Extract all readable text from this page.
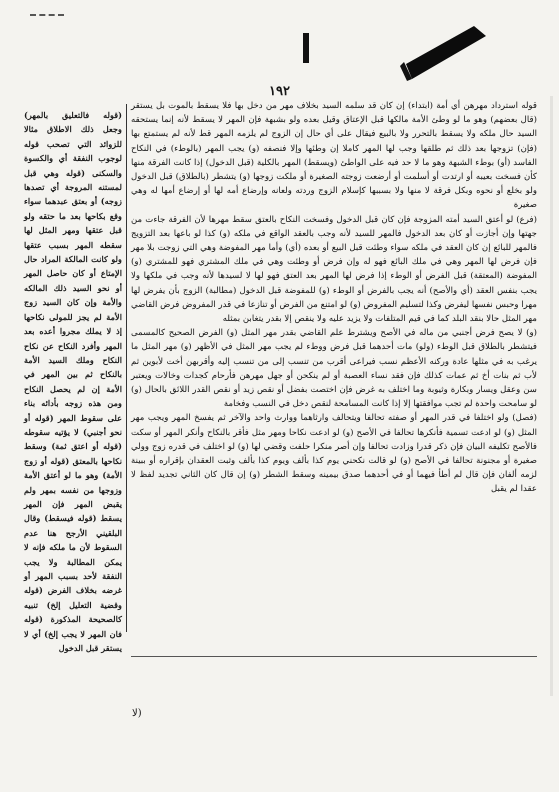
١٩٢
(قوله فالتعليق بالمهر) وجعل ذلك الاطلاق مثالا للزوائد التي تصحب قوله لوجوب النفقة أي والكسوة والسكنى (قوله وهي قبل لمستنه المروجة أي تصدها زوجه) أو بعتق عبدهما سواء وقع بكاحها بعد ما حتقه ولو قبل عتقها ومهر المثل لها سقطه المهر بسبب عتقها ولو كانت المالكة المراد حال الإمتاع أو كان حاصل المهر أو نحو السيد ذلك المالكه والأمة وإن كان السيد زوج الأمة لم يجز للمولى نكاحها إذ لا يملك مجروا أعده بعد المهر وأفرد النكاح عن نكاح النكاح وملك السيد الأمة بالنكاح ثم بين المهر في الأمة إن لم يحصل النكاح ومن هذه زوجه بأدائه بناء على سقوط المهر (قوله أو نحو أجنبي) لا يؤتيه سقوطه (قوله أو اعتق ثمة) وسقط نكاحها بالمعتق (قوله أو زوج الأمة) وهو ما لو أعتق الأمة وزوجها من نفسه بمهر ولم يقبض المهر فإن المهر يسقط (قوله فيسقط) وقال البلقيني الأرجح هنا عدم السقوط لأن ما ملكه فإنه لا يمكن المطالبة ولا يجب النفقة لأحد بسبب المهر أو غرضه بخلاف الفرض (قوله وقضية التعليل إلخ) تنبيه كالصحيحة المذكورة (قوله فان المهر لا يجب إلخ) أي لا يستقر قبل الدخول

قوله استرداد مهرهن أي أمة (ابتداء) إن كان قد سلمه السيد بخلاف مهر من دخل بها فلا يسقط بالموت بل يستقر (قال بعضهم) وهو ما لو وطئ الأمة مالكها قبل الإعتاق وقيل بعده ولو بشبهة فإن المهر لا يسقط لأنه إنما يستحقه السيد حال ملكه ولا يسقط بالتحرر ولا بالبيع فيقال على أي حال إن الزوج لم يلزمه المهر قط لأنه لم يستمتع بها (فإن) تزوجها بعد ذلك ثم طلقها وجب لها المهر كاملا إن وطئها وإلا فنصفه (و) يجب المهر (بالوطء) في النكاح الفاسد (أو) بوطء الشبهة وهو ما لا حد فيه على الواطئ (ويسقط) المهر بالكلية (قبل الدخول) إذا كانت الفرقة منها كأن فسخت بعيبه أو ارتدت أو أسلمت أو أرضعت زوجته الصغيرة أو ملكت زوجها (و) يتشطر (بالطلاق) قبل الدخول ولو بخلع أو نحوه وبكل فرقة لا منها ولا بسببها كإسلام الزوج وردته ولعانه وإرضاع أمه لها أو إرضاع أمها له وهي صغيرة

(فرع) لو أعتق السيد أمته المزوجة فإن كان قبل الدخول وفسخت النكاح بالعتق سقط مهرها لأن الفرقة جاءت من جهتها وإن أجازت أو كان بعد الدخول فالمهر للسيد لأنه وجب بالعقد الواقع في ملكه (و) كذا لو باعها بعد التزويج فالمهر للبائع إن كان العقد في ملكه سواء وطئت قبل البيع أو بعده (أي) وأما مهر المفوضة وهي التي زوجت بلا مهر فإن فرض لها المهر وهي في ملك البائع فهو له وإن فرض أو وطئت وهي في ملك المشتري فهو للمشتري (و) المفوضة (المعتقة) قبل الفرض أو الوطء إذا فرض لها المهر بعد العتق فهو لها لا لسيدها لأنه وجب في ملكها ولا يجب بنفس العقد (أي والأصح) أنه يجب بالفرض أو الوطء (و) للمفوضة قبل الدخول (مطالبة) الزوج بأن يفرض لها مهرا وحبس نفسها ليفرض وكذا لتسليم المفروض (و) لو امتنع من الفرض أو تنازعا في قدر المفروض فرض القاضي مهر المثل حالا بنقد البلد كما في قيم المتلفات ولا يزيد عليه ولا ينقص إلا بقدر يتغابن بمثله

(و) لا يصح فرض أجنبي من ماله في الأصح ويشترط علم القاضي بقدر مهر المثل (و) الفرض الصحيح كالمسمى فيتشطر بالطلاق قبل الوطء (ولو) مات أحدهما قبل فرض ووطء لم يجب مهر المثل في الأظهر (و) مهر المثل ما يرغب به في مثلها عادة وركنه الأعظم نسب فيراعى أقرب من تنسب إلى من تنسب إليه وأقربهن أخت لأبوين ثم لأب ثم بنات أخ ثم عمات كذلك فإن فقد نساء العصبة أو لم ينكحن أو جهل مهرهن فأرحام كجدات وخالات ويعتبر سن وعقل ويسار وبكارة وثيوبة وما اختلف به غرض فإن اختصت بفضل أو نقص زيد أو نقص القدر اللائق بالحال (و) لو سامحت واحدة لم تجب موافقتها إلا إذا كانت المسامحة لنقص دخل في النسب وفخامة

(فصل) ولو اختلفا في قدر المهر أو صفته تحالفا ويتحالف وارثاهما ووارث واحد والآخر ثم يفسخ المهر ويجب مهر المثل (و) لو ادعت تسمية فأنكرها تحالفا في الأصح (و) لو ادعت نكاحا ومهر مثل فأقر بالنكاح وأنكر المهر أو سكت فالأصح تكليفه البيان فإن ذكر قدرا وزادت تحالفا وإن أصر منكرا حلفت وقضي لها (و) لو اختلف في قدره زوج وولي صغيرة أو مجنونة تحالفا في الأصح (و) لو قالت نكحني يوم كذا بألف ويوم كذا بألف وثبت العقدان بإقراره أو ببينة لزمه ألفان فإن قال لم أطأ فيهما أو في أحدهما صدق بيمينه وسقط الشطر (و) إن قال كان الثاني تجديد لفظ لا عقدا لم يقبل

(لا
